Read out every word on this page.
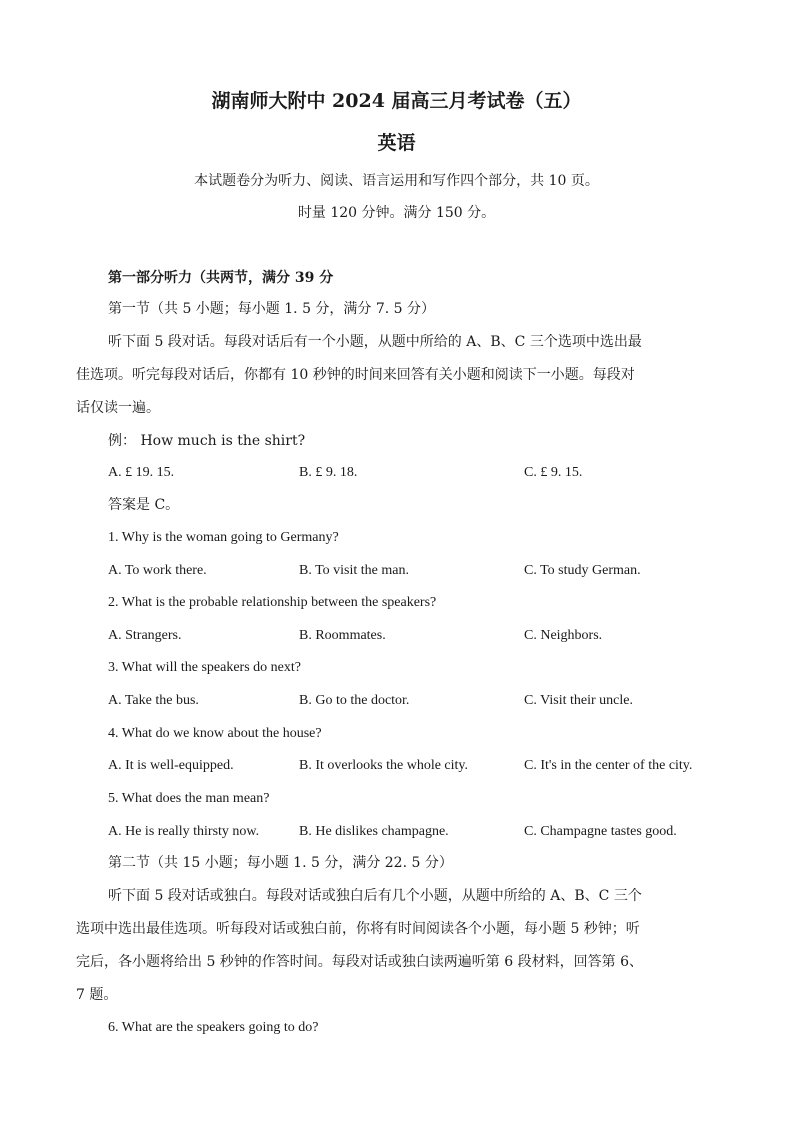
湖南师大附中 2024 届高三月考试卷（五）
英语
本试题卷分为听力、阅读、语言运用和写作四个部分，共 10 页。
时量 120 分钟。满分 150 分。
第一部分听力（共两节，满分 39 分
第一节（共 5 小题；每小题 1. 5 分，满分 7. 5 分）
听下面 5 段对话。每段对话后有一个小题，从题中所给的 A、B、C 三个选项中选出最
佳选项。听完每段对话后，你都有 10 秒钟的时间来回答有关小题和阅读下一小题。每段对
话仅读一遍。
例： How much is the shirt?
A. £ 19. 15.	B. £ 9. 18.	C. £ 9. 15.
答案是 C。
1. Why is the woman going to Germany?
A. To work there.	B. To visit the man.	C. To study German.
2. What is the probable relationship between the speakers?
A. Strangers.	B. Roommates.	C. Neighbors.
3. What will the speakers do next?
A. Take the bus.	B. Go to the doctor.	C. Visit their uncle.
4. What do we know about the house?
A. It is well-equipped.	B. It overlooks the whole city.	C. It's in the center of the city.
5. What does the man mean?
A. He is really thirsty now.	B. He dislikes champagne.	C. Champagne tastes good.
第二节（共 15 小题；每小题 1. 5 分，满分 22. 5 分）
听下面 5 段对话或独白。每段对话或独白后有几个小题，从题中所给的 A、B、C 三个
选项中选出最佳选项。听每段对话或独白前，你将有时间阅读各个小题，每小题 5 秒钟；听
完后，各小题将给出 5 秒钟的作答时间。每段对话或独白读两遍听第 6 段材料，回答第 6、
7 题。
6. What are the speakers going to do?
